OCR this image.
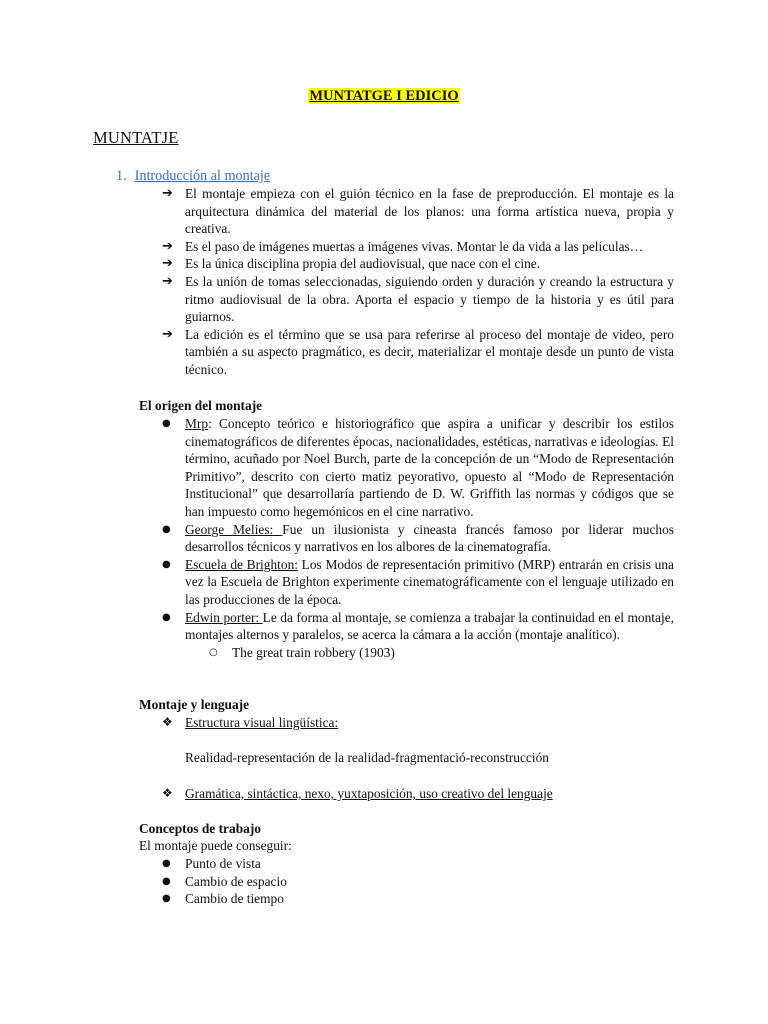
MUNTATGE I EDICIO
MUNTATJE
1. Introducción al montaje
➔ El montaje empieza con el guión técnico en la fase de preproducción. El montaje es la arquitectura dinámica del material de los planos: una forma artística nueva, propia y creativa.
➔ Es el paso de imágenes muertas a imágenes vivas. Montar le da vida a las películas…
➔ Es la única disciplina propia del audiovisual, que nace con el cine.
➔ Es la unión de tomas seleccionadas, siguiendo orden y duración y creando la estructura y ritmo audiovisual de la obra. Aporta el espacio y tiempo de la historia y es útil para guiarnos.
➔ La edición es el término que se usa para referirse al proceso del montaje de video, pero también a su aspecto pragmático, es decir, materializar el montaje desde un punto de vista técnico.
El origen del montaje
●	Mrp: Concepto teórico e historiográfico que aspira a unificar y describir los estilos cinematográficos de diferentes épocas, nacionalidades, estéticas, narrativas e ideologías. El término, acuñado por Noel Burch, parte de la concepción de un “Modo de Representación Primitivo”, descrito con cierto matiz peyorativo, opuesto al “Modo de Representación Institucional” que desarrollaría partiendo de D. W. Griffith las normas y códigos que se han impuesto como hegemónicos en el cine narrativo.
●	George Melies: Fue un ilusionista y cineasta francés famoso por liderar muchos desarrollos técnicos y narrativos en los albores de la cinematografía.
●	Escuela de Brighton: Los Modos de representación primitivo (MRP) entrarán en crisis una vez la Escuela de Brighton experimente cinematográficamente con el lenguaje utilizado en las producciones de la época.
●	Edwin porter: Le da forma al montaje, se comienza a trabajar la continuidad en el montaje, montajes alternos y paralelos, se acerca la cámara a la acción (montaje analítico).
○ The great train robbery (1903)
Montaje y lenguaje
❖ Estructura visual lingüística:
Realidad-representación de la realidad-fragmentació-reconstrucción
❖ Gramática, sintáctica, nexo, yuxtaposición, uso creativo del lenguaje
Conceptos de trabajo
El montaje puede conseguir:
●	Punto de vista
●	Cambio de espacio
●	Cambio de tiempo
